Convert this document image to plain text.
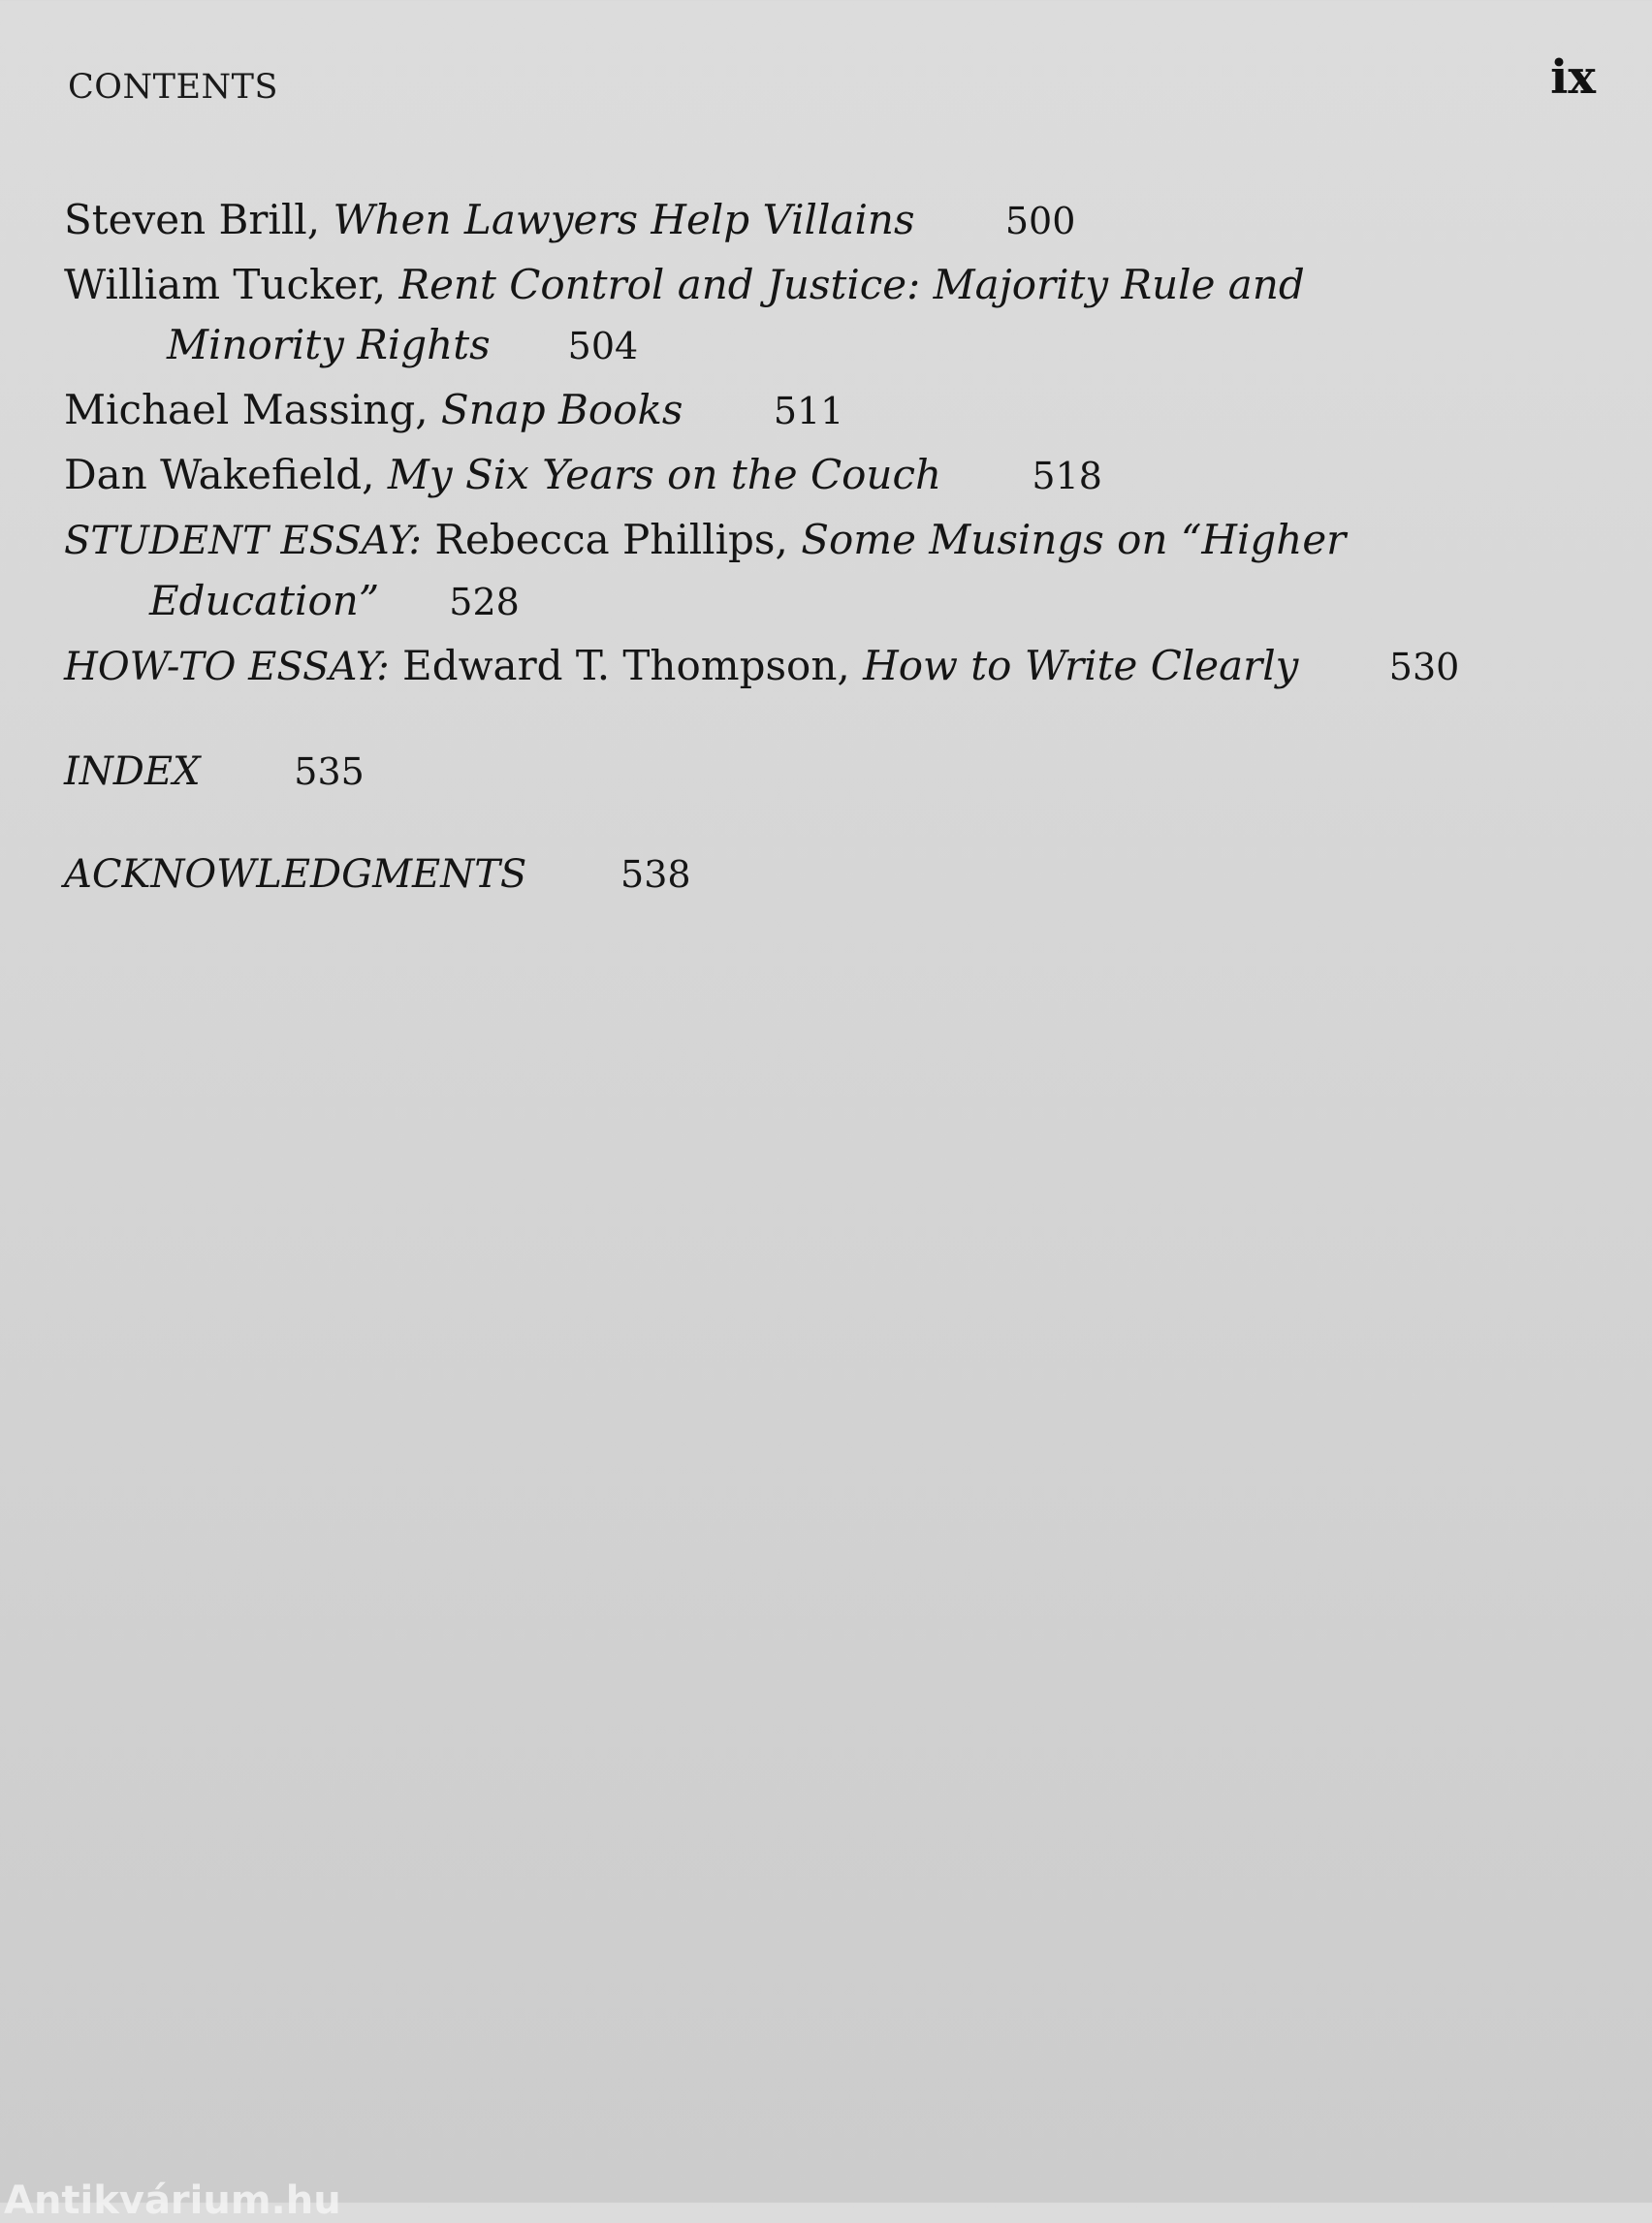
CONTENTS	ix
Steven Brill, When Lawyers Help Villains 500
William Tucker, Rent Control and Justice: Majority Rule and
Minority Rights 504
Michael Massing, Snap Books 511
Dan Wakefield, My Six Years on the Couch 518
STUDENT ESSAY: Rebecca Phillips, Some Musings on “Higher
Education” 528
HOW-TO ESSAY: Edward T. Thompson, How to Write Clearly 530
INDEX	535
ACKNOWLEDGMENTS	538
Antikvárium.hu
